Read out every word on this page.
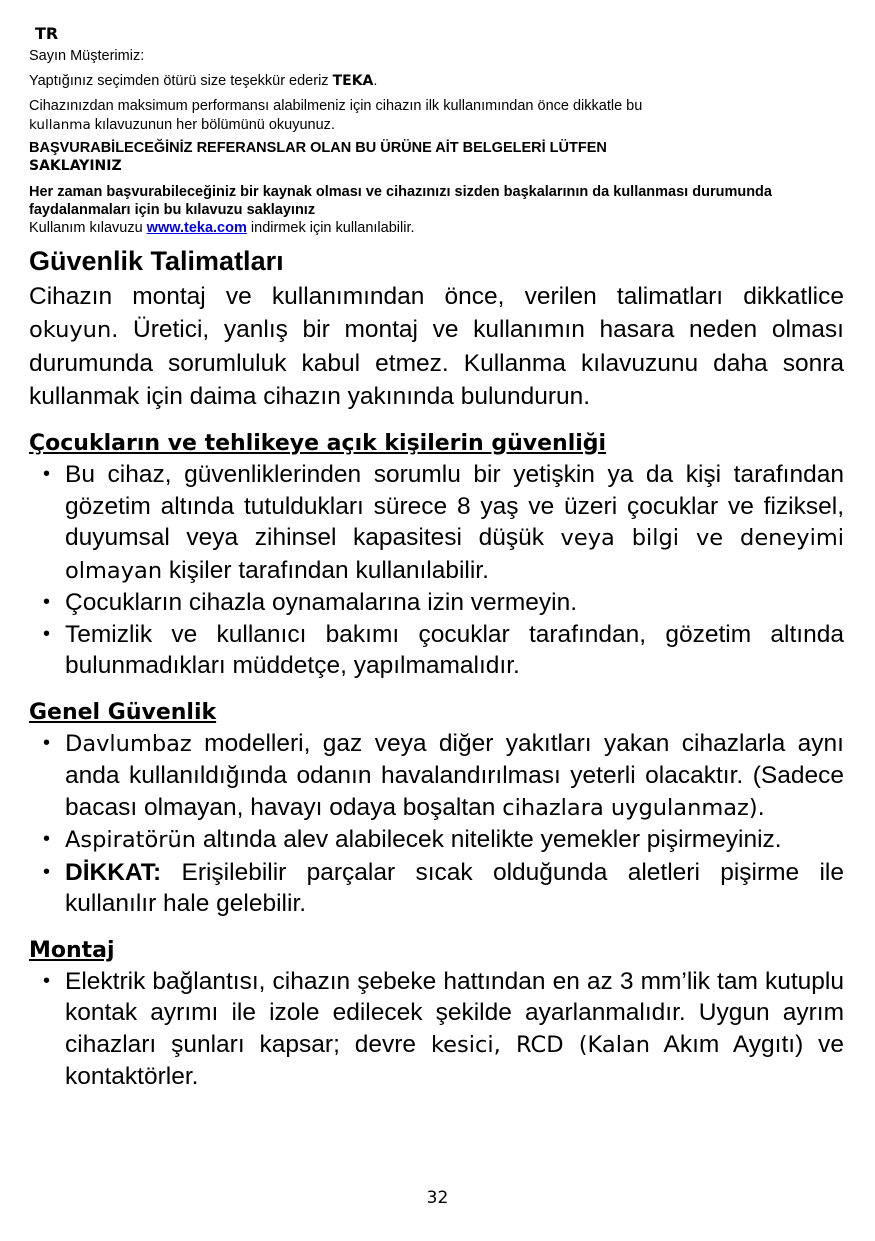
TR

Sayın Müşterimiz:

Yaptığınız seçimden ötürü size teşekkür ederiz TEKA.

Cihazınızdan maksimum performansı alabilmeniz için cihazın ilk kullanımından önce dikkatle bu
kullanma kılavuzunun her bölümünü okuyunuz.

BAŞVURABİLECEĞİNİZ REFERANSLAR OLAN BU ÜRÜNE AİT BELGELERİ LÜTFEN
SAKLAYINIZ

Her zaman başvurabileceğiniz bir kaynak olması ve cihazınızı sizden başkalarının da kullanması durumunda faydalanmaları için bu kılavuzu saklayınız

Kullanım kılavuzu www.teka.com indirmek için kullanılabilir.

Güvenlik Talimatları

Cihazın montaj ve kullanımından önce, verilen talimatları dikkatlice okuyun. Üretici, yanlış bir montaj ve kullanımın hasara neden olması durumunda sorumluluk kabul etmez. Kullanma kılavuzunu daha sonra kullanmak için daima cihazın yakınında bulundurun.

Çocukların ve tehlikeye açık kişilerin güvenliği
• Bu cihaz, güvenliklerinden sorumlu bir yetişkin ya da kişi tarafından gözetim altında tutuldukları sürece 8 yaş ve üzeri çocuklar ve fiziksel, duyumsal veya zihinsel kapasitesi düşük veya bilgi ve deneyimi olmayan kişiler tarafından kullanılabilir.
• Çocukların cihazla oynamalarına izin vermeyin.
• Temizlik ve kullanıcı bakımı çocuklar tarafından, gözetim altında bulunmadıkları müddetçe, yapılmamalıdır.
Genel Güvenlik
• Davlumbaz modelleri, gaz veya diğer yakıtları yakan cihazlarla aynı anda kullanıldığında odanın havalandırılması yeterli olacaktır. (Sadece bacası olmayan, havayı odaya boşaltan cihazlara uygulanmaz).
• Aspiratörün altında alev alabilecek nitelikte yemekler pişirmeyiniz.
• DİKKAT: Erişilebilir parçalar sıcak olduğunda aletleri pişirme ile kullanılır hale gelebilir.
Montaj
• Elektrik bağlantısı, cihazın şebeke hattından en az 3 mm’lik tam kutuplu kontak ayrımı ile izole edilecek şekilde ayarlanmalıdır. Uygun ayrım cihazları şunları kapsar; devre kesici, RCD (Kalan Akım Aygıtı) ve kontaktörler.
32
